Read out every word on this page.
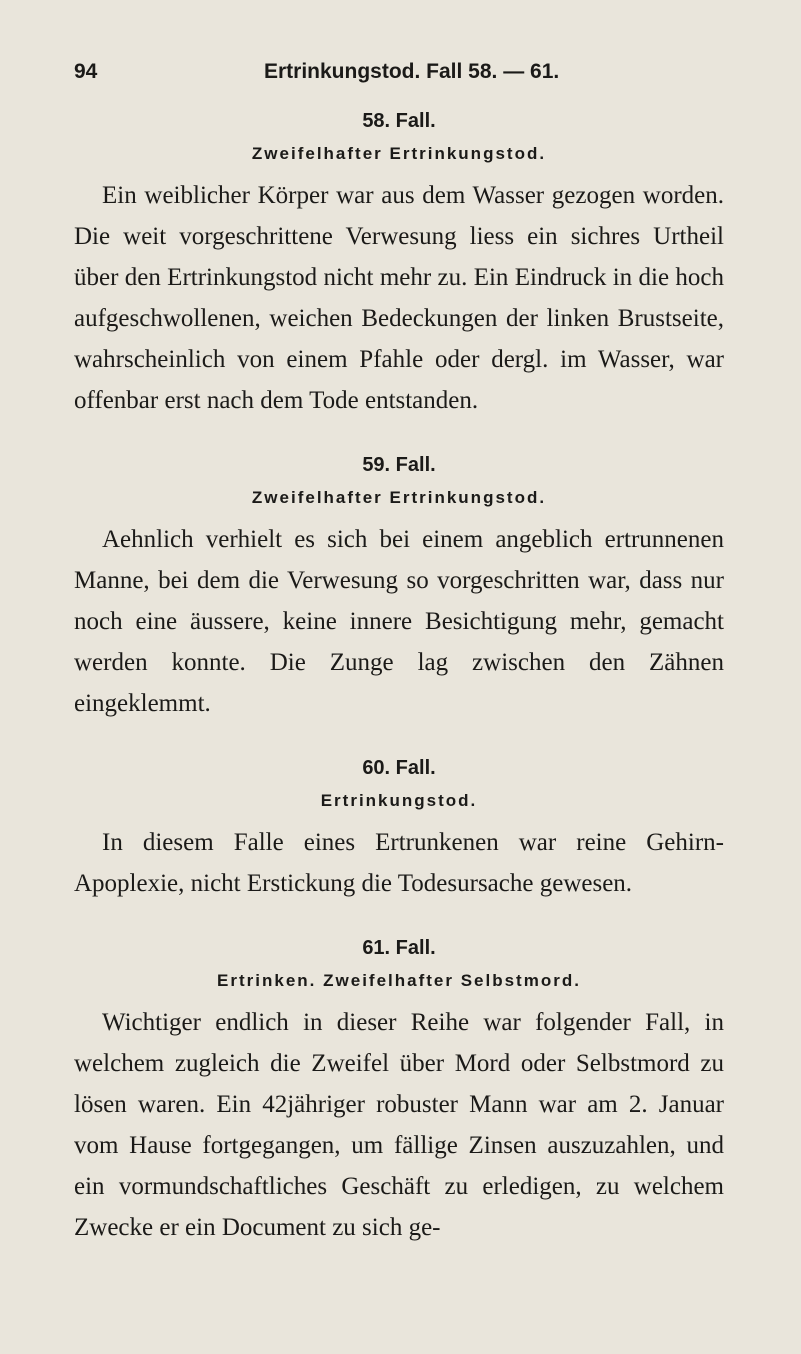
94	Ertrinkungstod. Fall 58. — 61.
58. Fall.
Zweifelhafter Ertrinkungstod.

Ein weiblicher Körper war aus dem Wasser gezogen worden. Die weit vorgeschrittene Verwesung liess ein sichres Urtheil über den Ertrinkungstod nicht mehr zu. Ein Eindruck in die hoch aufgeschwollenen, weichen Bedeckungen der linken Brustseite, wahrscheinlich von einem Pfahle oder dergl. im Wasser, war offenbar erst nach dem Tode entstanden.

59. Fall.
Zweifelhafter Ertrinkungstod.

Aehnlich verhielt es sich bei einem angeblich ertrunnenen Manne, bei dem die Verwesung so vorgeschritten war, dass nur noch eine äussere, keine innere Besichtigung mehr, gemacht werden konnte. Die Zunge lag zwischen den Zähnen eingeklemmt.

60. Fall.
Ertrinkungstod.

In diesem Falle eines Ertrunkenen war reine Gehirn-Apoplexie, nicht Erstickung die Todesursache gewesen.

61. Fall.
Ertrinken. Zweifelhafter Selbstmord.

Wichtiger endlich in dieser Reihe war folgender Fall, in welchem zugleich die Zweifel über Mord oder Selbstmord zu lösen waren. Ein 42jähriger robuster Mann war am 2. Januar vom Hause fortgegangen, um fällige Zinsen auszuzahlen, und ein vormundschaftliches Geschäft zu erledigen, zu welchem Zwecke er ein Document zu sich ge-
